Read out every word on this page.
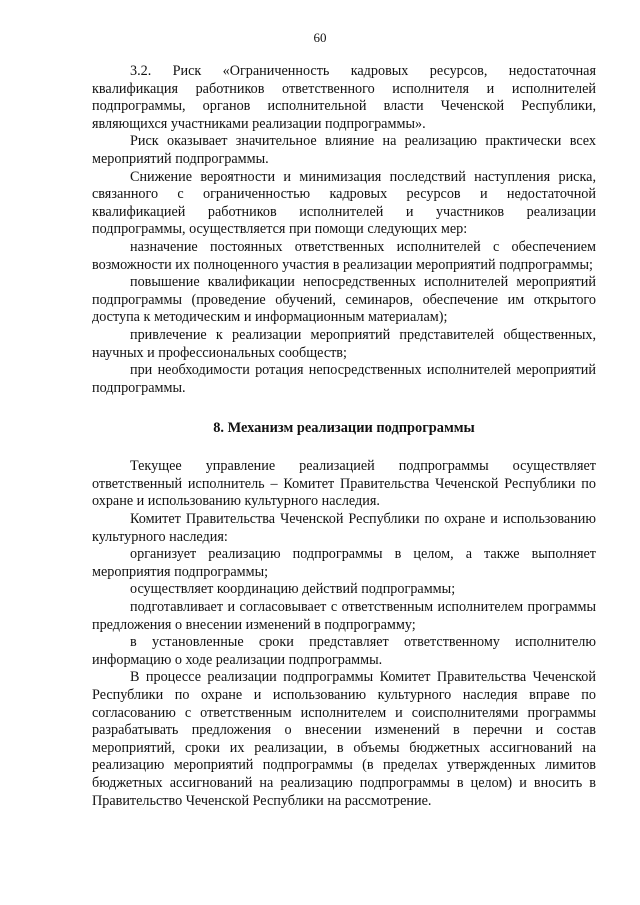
60

3.2. Риск «Ограниченность кадровых ресурсов, недостаточная квалификация работников ответственного исполнителя и исполнителей подпрограммы, органов исполнительной власти Чеченской Республики, являющихся участниками реализации подпрограммы».

Риск оказывает значительное влияние на реализацию практически всех мероприятий подпрограммы.

Снижение вероятности и минимизация последствий наступления риска, связанного с ограниченностью кадровых ресурсов и недостаточной квалификацией работников исполнителей и участников реализации подпрограммы, осуществляется при помощи следующих мер:

назначение постоянных ответственных исполнителей с обеспечением возможности их полноценного участия в реализации мероприятий подпрограммы;

повышение квалификации непосредственных исполнителей мероприятий подпрограммы (проведение обучений, семинаров, обеспечение им открытого доступа к методическим и информационным материалам);

привлечение к реализации мероприятий представителей общественных, научных и профессиональных сообществ;

при необходимости ротация непосредственных исполнителей мероприятий подпрограммы.

8. Механизм реализации подпрограммы

Текущее управление реализацией подпрограммы осуществляет ответственный исполнитель – Комитет Правительства Чеченской Республики по охране и использованию культурного наследия.

Комитет Правительства Чеченской Республики по охране и использованию культурного наследия:

организует реализацию подпрограммы в целом, а также выполняет мероприятия подпрограммы;

осуществляет координацию действий подпрограммы;

подготавливает и согласовывает с ответственным исполнителем программы предложения о внесении изменений в подпрограмму;

в установленные сроки представляет ответственному исполнителю информацию о ходе реализации подпрограммы.

В процессе реализации подпрограммы Комитет Правительства Чеченской Республики по охране и использованию культурного наследия вправе по согласованию с ответственным исполнителем и соисполнителями программы разрабатывать предложения о внесении изменений в перечни и состав мероприятий, сроки их реализации, в объемы бюджетных ассигнований на реализацию мероприятий подпрограммы (в пределах утвержденных лимитов бюджетных ассигнований на реализацию подпрограммы в целом) и вносить в Правительство Чеченской Республики на рассмотрение.
